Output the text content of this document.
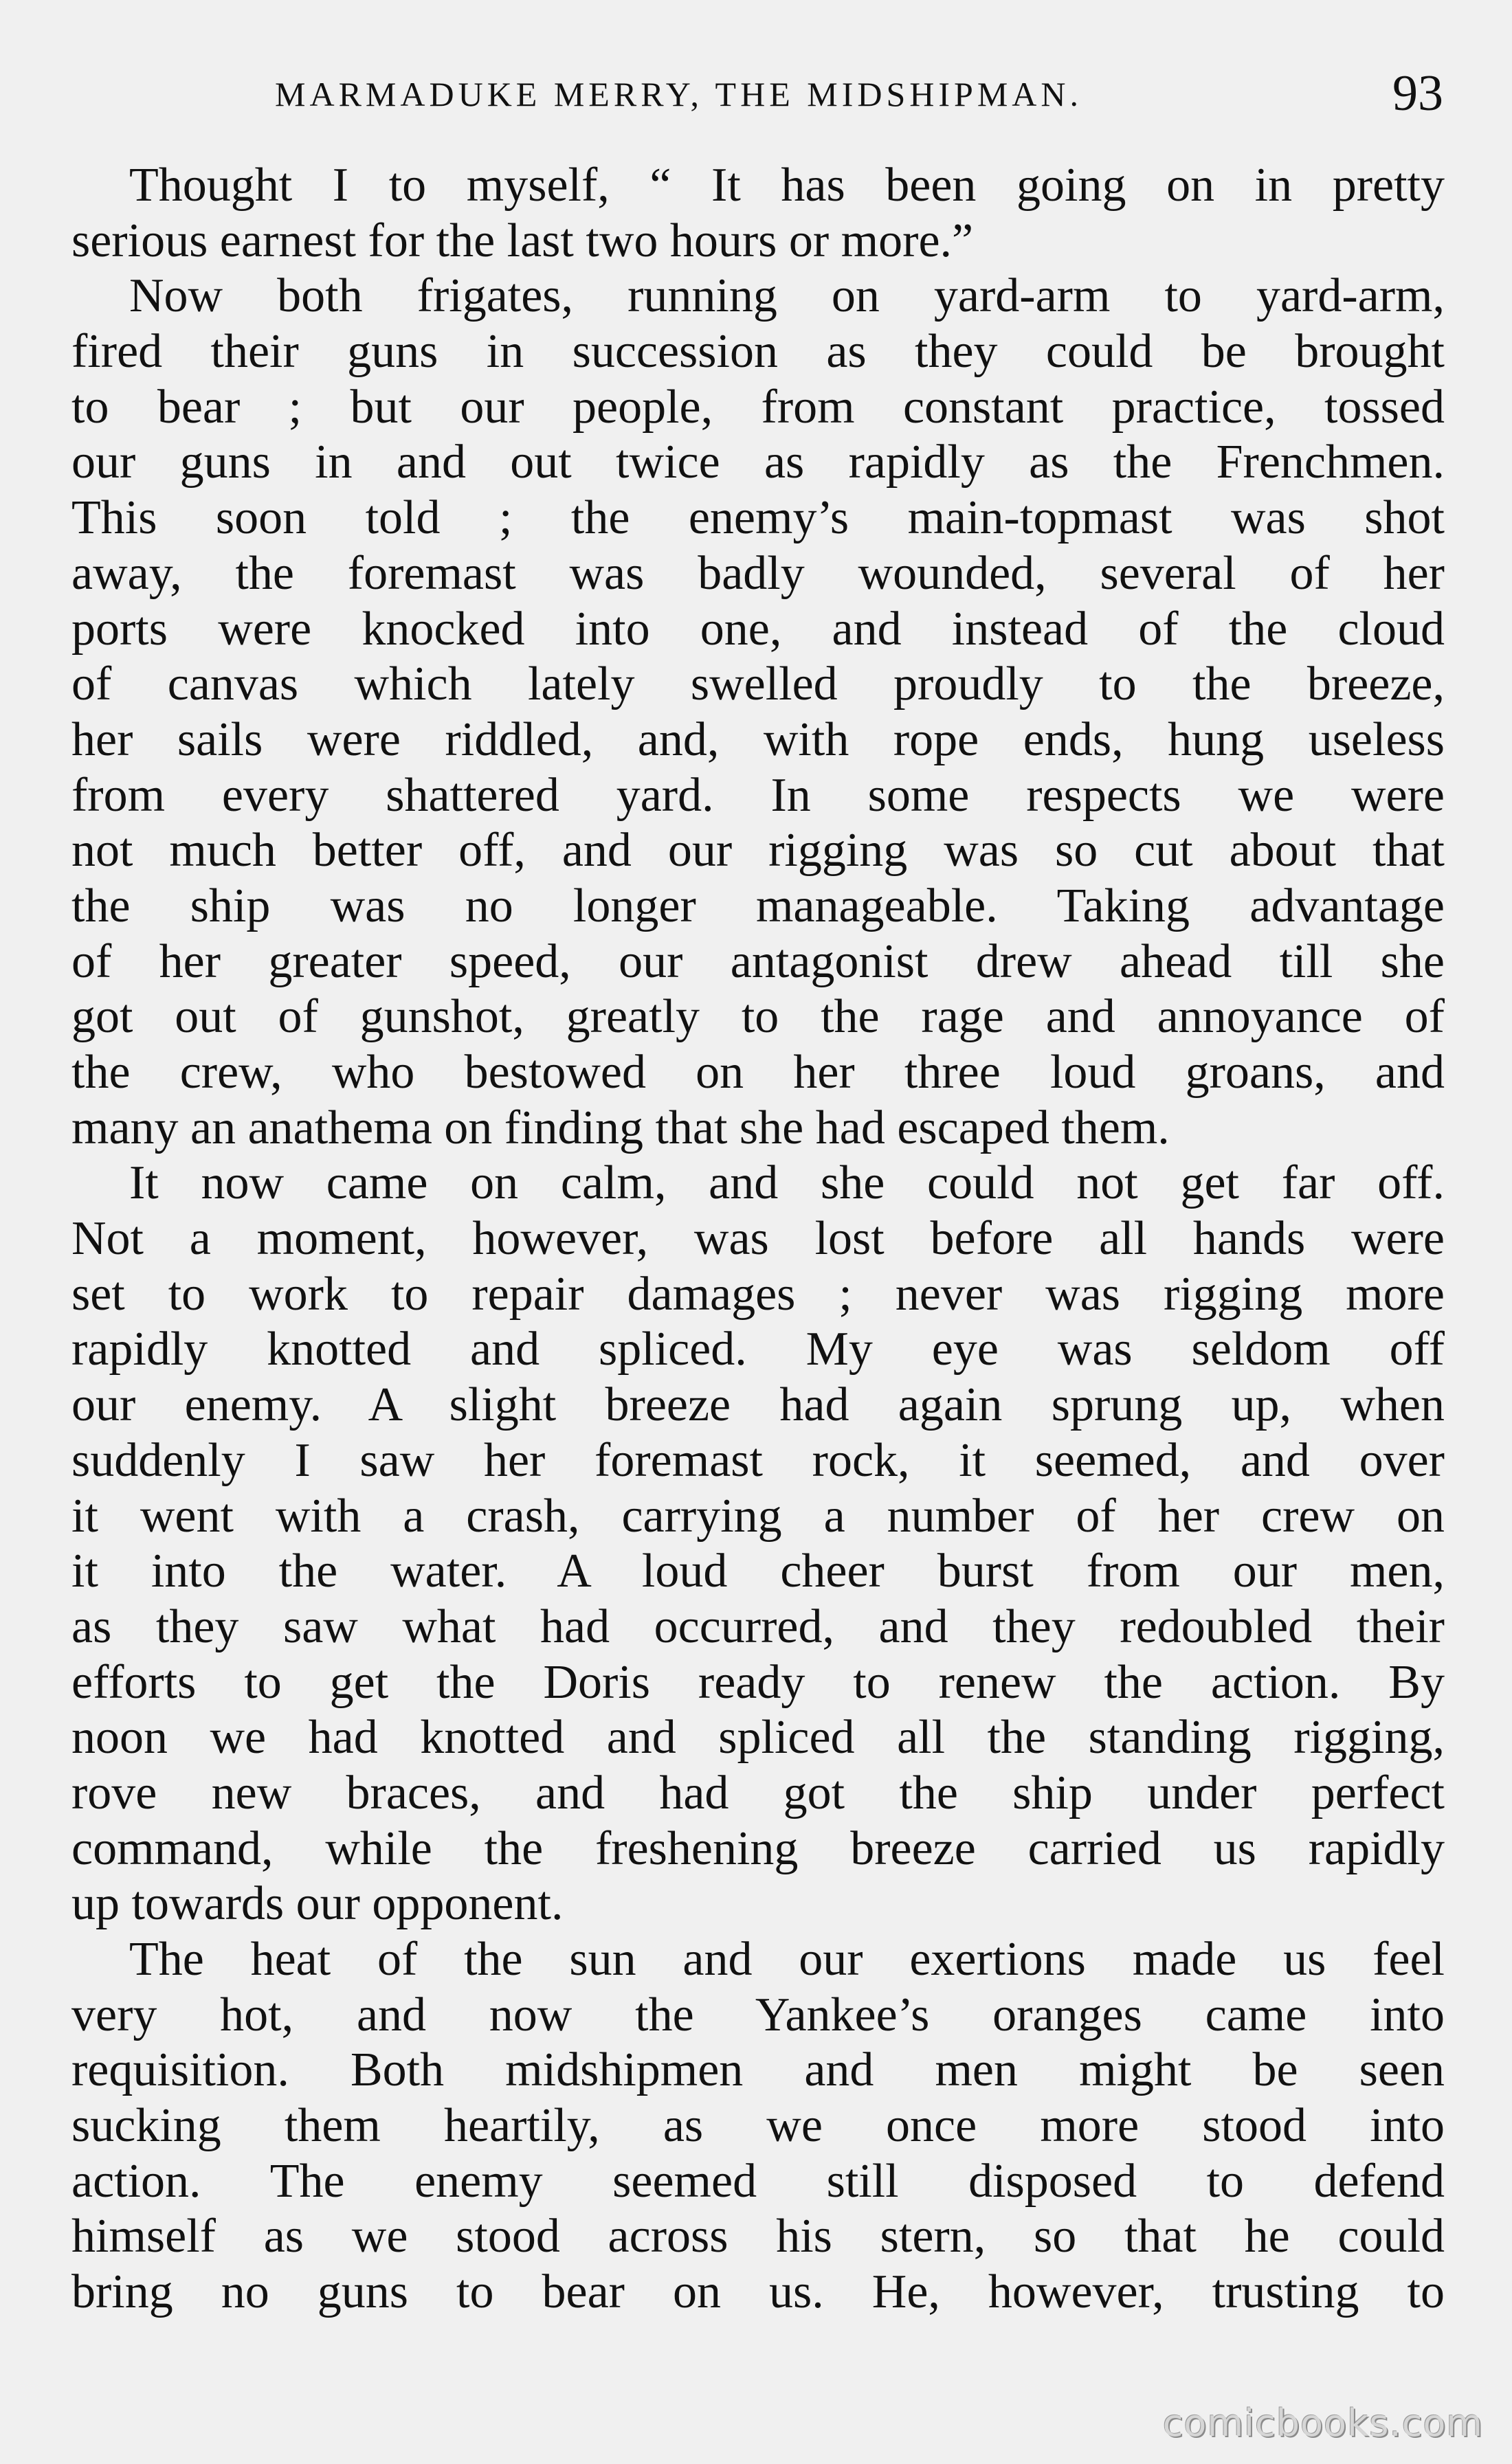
MARMADUKE MERRY, THE MIDSHIPMAN.	93
Thought I to myself, “ It has been going on in pretty
serious earnest for the last two hours or more.”
Now both frigates, running on yard-arm to yard-arm,
fired their guns in succession as they could be brought
to bear ; but our people, from constant practice, tossed
our guns in and out twice as rapidly as the Frenchmen.
This soon told ; the enemy’s main-topmast was shot
away, the foremast was badly wounded, several of her
ports were knocked into one, and instead of the cloud
of canvas which lately swelled proudly to the breeze,
her sails were riddled, and, with rope ends, hung useless
from every shattered yard. In some respects we were
not much better off, and our rigging was so cut about that
the ship was no longer manageable. Taking advantage
of her greater speed, our antagonist drew ahead till she
got out of gunshot, greatly to the rage and annoyance of
the crew, who bestowed on her three loud groans, and
many an anathema on finding that she had escaped them.
It now came on calm, and she could not get far off.
Not a moment, however, was lost before all hands were
set to work to repair damages ; never was rigging more
rapidly knotted and spliced. My eye was seldom off
our enemy. A slight breeze had again sprung up, when
suddenly I saw her foremast rock, it seemed, and over
it went with a crash, carrying a number of her crew on
it into the water. A loud cheer burst from our men,
as they saw what had occurred, and they redoubled their
efforts to get the Doris ready to renew the action. By
noon we had knotted and spliced all the standing rigging,
rove new braces, and had got the ship under perfect
command, while the freshening breeze carried us rapidly
up towards our opponent.
The heat of the sun and our exertions made us feel
very hot, and now the Yankee’s oranges came into
requisition. Both midshipmen and men might be seen
sucking them heartily, as we once more stood into
action. The enemy seemed still disposed to defend
himself as we stood across his stern, so that he could
bring no guns to bear on us. He, however, trusting to
comicbooks.com
